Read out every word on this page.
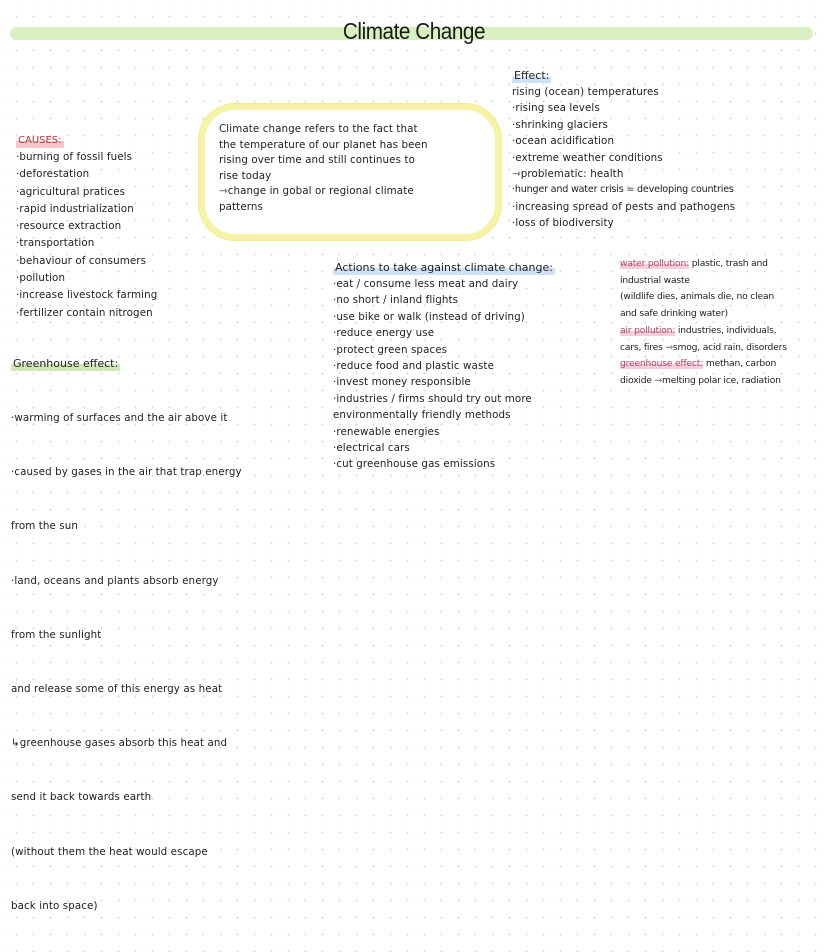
Climate Change
CAUSES:
·burning of fossil fuels
·deforestation
·agricultural pratices
·rapid industrialization
·resource extraction
·transportation
·behaviour of consumers
·pollution
·increase livestock farming
·fertilizer contain nitrogen
Climate change refers to the fact that
the temperature of our planet has been
rising over time and still continues to
rise today
⇾change in gobal or regional climate
patterns
Effect:
rising (ocean) temperatures
·rising sea levels
·shrinking glaciers
·ocean acidification
·extreme weather conditions
⇾problematic: health
·hunger and water crisis = developing countries
·increasing spread of pests and pathogens
·loss of biodiversity
Greenhouse effect:

·warming of surfaces and the air above it

·caused by gases in the air that trap energy

from the sun

·land, oceans and plants absorb energy

from the sunlight

and release some of this energy as heat

↳greenhouse gases absorb this heat and

send it back towards earth

(without them the heat would escape

back into space)

Actions to take against climate change:
·eat / consume less meat and dairy
·no short / inland flights
·use bike or walk (instead of driving)
·reduce energy use
·protect green spaces
·reduce food and plastic waste
·invest money responsible
·industries / firms should try out more
environmentally friendly methods
·renewable energies
·electrical cars
·cut greenhouse gas emissions
water pollution: plastic, trash and
industrial waste
(wildlife dies, animals die, no clean
and safe drinking water)
air pollution: industries, individuals,
cars, fires ⇾smog, acid rain, disorders
greenhouse effect: methan, carbon
dioxide ⇾melting polar ice, radiation
